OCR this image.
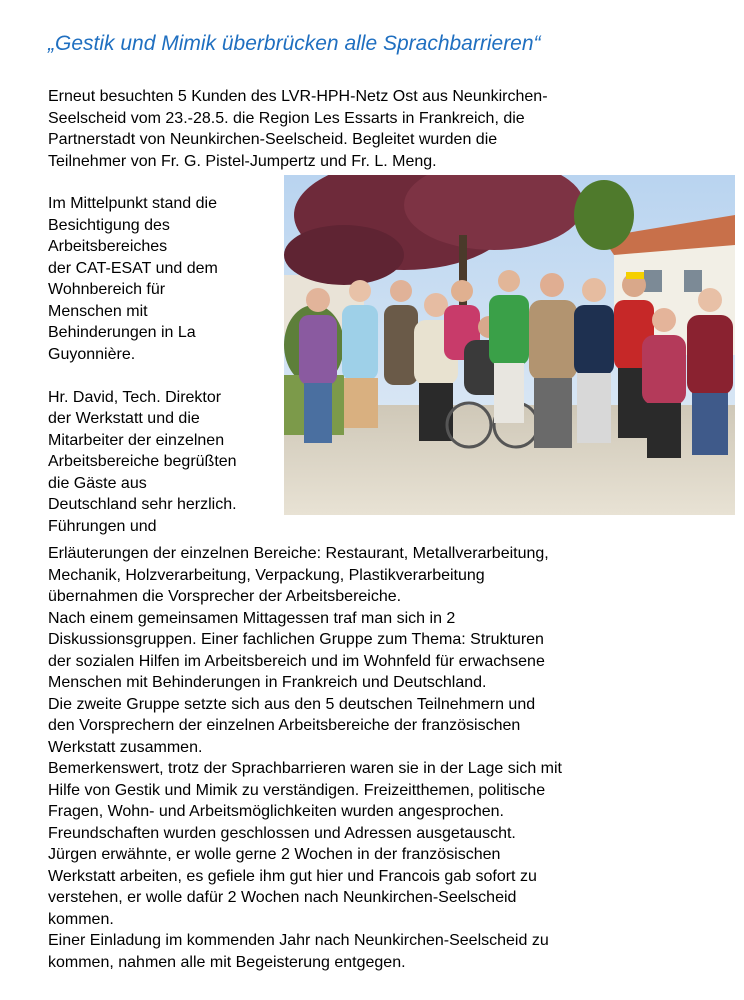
„Gestik und Mimik überbrücken alle Sprachbarrieren“
Erneut besuchten 5 Kunden des LVR-HPH-Netz Ost aus Neunkirchen-
Seelscheid vom 23.-28.5. die Region Les Essarts in Frankreich, die
Partnerstadt von Neunkirchen-Seelscheid. Begleitet wurden die
Teilnehmer von Fr. G. Pistel-Jumpertz und Fr. L. Meng.
Im Mittelpunkt stand die
Besichtigung des
Arbeitsbereiches
der CAT-ESAT und dem
Wohnbereich für
Menschen mit
Behinderungen in La
Guyonnière.
Hr. David, Tech. Direktor
der Werkstatt und die
Mitarbeiter der einzelnen
Arbeitsbereiche begrüßten
die Gäste aus
Deutschland sehr herzlich.
Führungen und
Erläuterungen der einzelnen Bereiche: Restaurant, Metallverarbeitung,
Mechanik, Holzverarbeitung, Verpackung, Plastikverarbeitung
übernahmen die Vorsprecher der Arbeitsbereiche.
Nach einem gemeinsamen Mittagessen traf man sich in 2
Diskussionsgruppen. Einer fachlichen Gruppe zum Thema: Strukturen
der sozialen Hilfen im Arbeitsbereich und im Wohnfeld für erwachsene
Menschen mit Behinderungen in Frankreich und Deutschland.
Die zweite Gruppe setzte sich aus den 5 deutschen Teilnehmern und
den Vorsprechern der einzelnen Arbeitsbereiche der französischen
Werkstatt zusammen.
Bemerkenswert, trotz der Sprachbarrieren waren sie in der Lage sich mit
Hilfe von Gestik und Mimik zu verständigen. Freizeitthemen, politische
Fragen, Wohn- und Arbeitsmöglichkeiten wurden angesprochen.
Freundschaften wurden geschlossen und Adressen ausgetauscht.
Jürgen erwähnte, er wolle gerne 2 Wochen in der französischen
Werkstatt arbeiten, es gefiele ihm gut hier und Francois gab sofort zu
verstehen, er wolle dafür 2 Wochen nach Neunkirchen-Seelscheid
kommen.
Einer Einladung im kommenden Jahr nach Neunkirchen-Seelscheid zu
kommen, nahmen alle mit Begeisterung entgegen.
